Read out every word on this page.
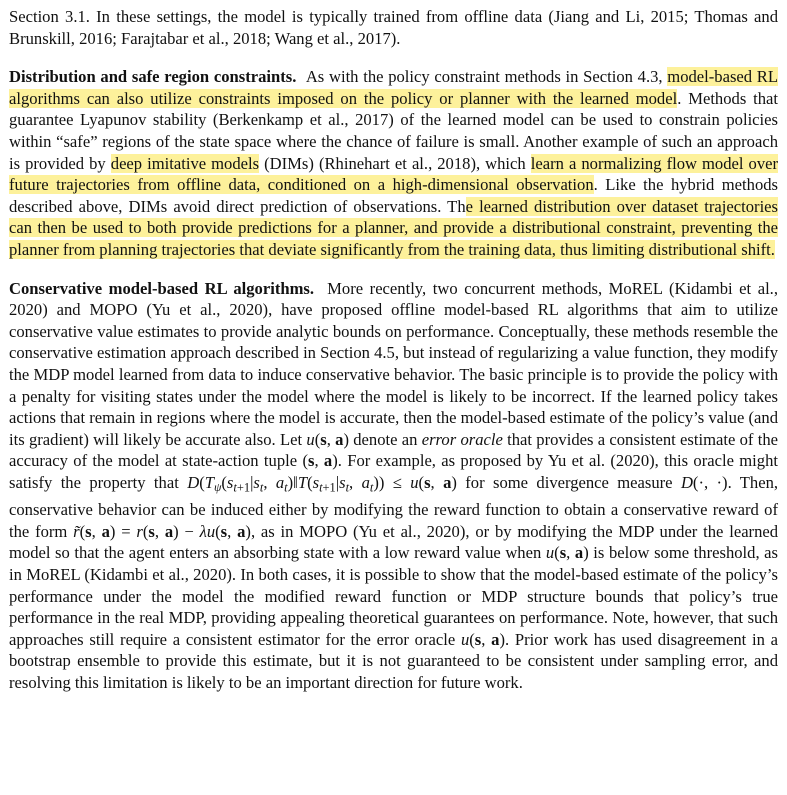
Section 3.1. In these settings, the model is typically trained from offline data (Jiang and Li, 2015; Thomas and Brunskill, 2016; Farajtabar et al., 2018; Wang et al., 2017).

Distribution and safe region constraints. As with the policy constraint methods in Section 4.3, model-based RL algorithms can also utilize constraints imposed on the policy or planner with the learned model. Methods that guarantee Lyapunov stability (Berkenkamp et al., 2017) of the learned model can be used to constrain policies within “safe” regions of the state space where the chance of failure is small. Another example of such an approach is provided by deep imitative models (DIMs) (Rhinehart et al., 2018), which learn a normalizing flow model over future trajectories from offline data, conditioned on a high-dimensional observation. Like the hybrid methods described above, DIMs avoid direct prediction of observations. The learned distribution over dataset trajectories can then be used to both provide predictions for a planner, and provide a distributional constraint, preventing the planner from planning trajectories that deviate significantly from the training data, thus limiting distributional shift.

Conservative model-based RL algorithms. More recently, two concurrent methods, MoREL (Kidambi et al., 2020) and MOPO (Yu et al., 2020), have proposed offline model-based RL algorithms that aim to utilize conservative value estimates to provide analytic bounds on performance. Conceptually, these methods resemble the conservative estimation approach described in Section 4.5, but instead of regularizing a value function, they modify the MDP model learned from data to induce conservative behavior. The basic principle is to provide the policy with a penalty for visiting states under the model where the model is likely to be incorrect. If the learned policy takes actions that remain in regions where the model is accurate, then the model-based estimate of the policy’s value (and its gradient) will likely be accurate also. Let u(s, a) denote an error oracle that provides a consistent estimate of the accuracy of the model at state-action tuple (s, a). For example, as proposed by Yu et al. (2020), this oracle might satisfy the property that $D(T_\psi(s_{t+1}|s_t$, $a_t)‖T(s_{t+1}|s_t$, $a_t)) \le u(s$, a) for some divergence measure D(·, ·). Then, conservative behavior can be induced either by modifying the reward function to obtain a conservative reward of the form r̃(s, a) = r(s, a) − λu(s, a), as in MOPO (Yu et al., 2020), or by modifying the MDP under the learned model so that the agent enters an absorbing state with a low reward value when u(s, a) is below some threshold, as in MoREL (Kidambi et al., 2020). In both cases, it is possible to show that the model-based estimate of the policy’s performance under the model the modified reward function or MDP structure bounds that policy’s true performance in the real MDP, providing appealing theoretical guarantees on performance. Note, however, that such approaches still require a consistent estimator for the error oracle u(s, a). Prior work has used disagreement in a bootstrap ensemble to provide this estimate, but it is not guaranteed to be consistent under sampling error, and resolving this limitation is likely to be an important direction for future work.
